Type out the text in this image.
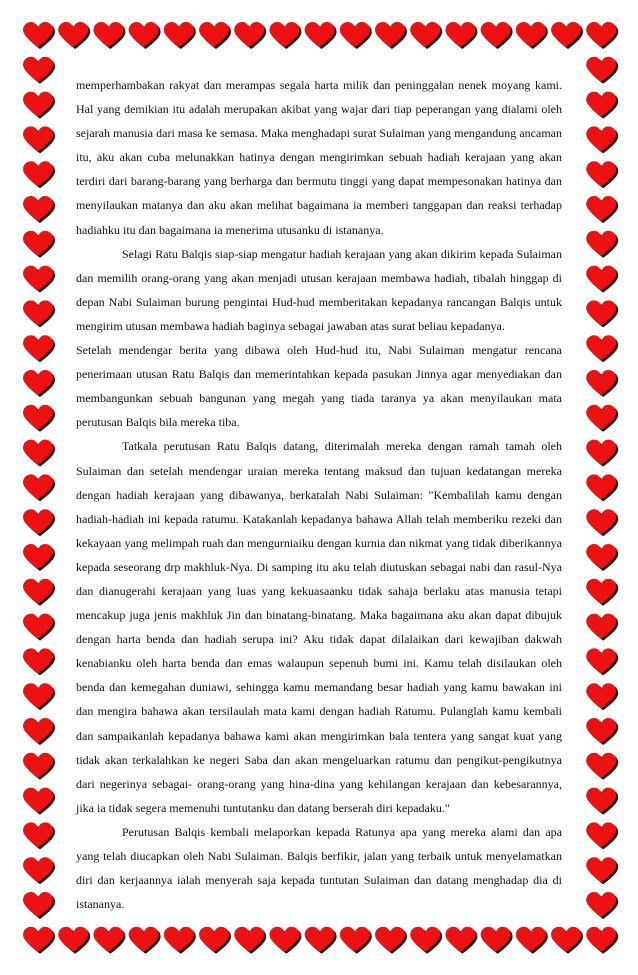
memperhambakan rakyat dan merampas segala harta milik dan peninggalan nenek moyang kami. Hal yang demikian itu adalah merupakan akibat yang wajar dari tiap peperangan yang dialami oleh sejarah manusia dari masa ke semasa. Maka menghadapi surat Sulaiman yang mengandung ancaman itu, aku akan cuba melunakkan hatinya dengan mengirimkan sebuah hadiah kerajaan yang akan terdiri dari barang-barang yang berharga dan bermutu tinggi yang dapat mempesonakan hatinya dan menyilaukan matanya dan aku akan melihat bagaimana ia memberi tanggapan dan reaksi terhadap hadiahku itu dan bagaimana ia menerima utusanku di istananya.

Selagi Ratu Balqis siap-siap mengatur hadiah kerajaan yang akan dikirim kepada Sulaiman dan memilih orang-orang yang akan menjadi utusan kerajaan membawa hadiah, tibalah hinggap di depan Nabi Sulaiman burung pengintai Hud-hud memberitakan kepadanya rancangan Balqis untuk mengirim utusan membawa hadiah baginya sebagai jawaban atas surat beliau kepadanya.

Setelah mendengar berita yang dibawa oleh Hud-hud itu, Nabi Sulaiman mengatur rencana penerimaan utusan Ratu Balqis dan memerintahkan kepada pasukan Jinnya agar menyediakan dan membangunkan sebuah bangunan yang megah yang tiada taranya ya akan menyilaukan mata perutusan Balqis bila mereka tiba.

Tatkala perutusan Ratu Balqis datang, diterimalah mereka dengan ramah tamah oleh Sulaiman dan setelah mendengar uraian mereka tentang maksud dan tujuan kedatangan mereka dengan hadiah kerajaan yang dibawanya, berkatalah Nabi Sulaiman: "Kembalilah kamu dengan hadiah-hadiah ini kepada ratumu. Katakanlah kepadanya bahawa Allah telah memberiku rezeki dan kekayaan yang melimpah ruah dan mengurniaiku dengan kurnia dan nikmat yang tidak diberikannya kepada seseorang drp makhluk-Nya. Di samping itu aku telah diutuskan sebagai nabi dan rasul-Nya dan dianugerahi kerajaan yang luas yang kekuasaanku tidak sahaja berlaku atas manusia tetapi mencakup juga jenis makhluk Jin dan binatang-binatang. Maka bagaimana aku akan dapat dibujuk dengan harta benda dan hadiah serupa ini? Aku tidak dapat dilalaikan dari kewajiban dakwah kenabianku oleh harta benda dan emas walaupun sepenuh bumi ini. Kamu telah disilaukan oleh benda dan kemegahan duniawi, sehingga kamu memandang besar hadiah yang kamu bawakan ini dan mengira bahawa akan tersilaulah mata kami dengan hadiah Ratumu. Pulanglah kamu kembali dan sampaikanlah kepadanya bahawa kami akan mengirimkan bala tentera yang sangat kuat yang tidak akan terkalahkan ke negeri Saba dan akan mengeluarkan ratumu dan pengikut-pengikutnya dari negerinya sebagai- orang-orang yang hina-dina yang kehilangan kerajaan dan kebesarannya, jika ia tidak segera memenuhi tuntutanku dan datang berserah diri kepadaku."

Perutusan Balqis kembali melaporkan kepada Ratunya apa yang mereka alami dan apa yang telah diucapkan oleh Nabi Sulaiman. Balqis berfikir, jalan yang terbaik untuk menyelamatkan diri dan kerjaannya ialah menyerah saja kepada tuntutan Sulaiman dan datang menghadap dia di istananya.
